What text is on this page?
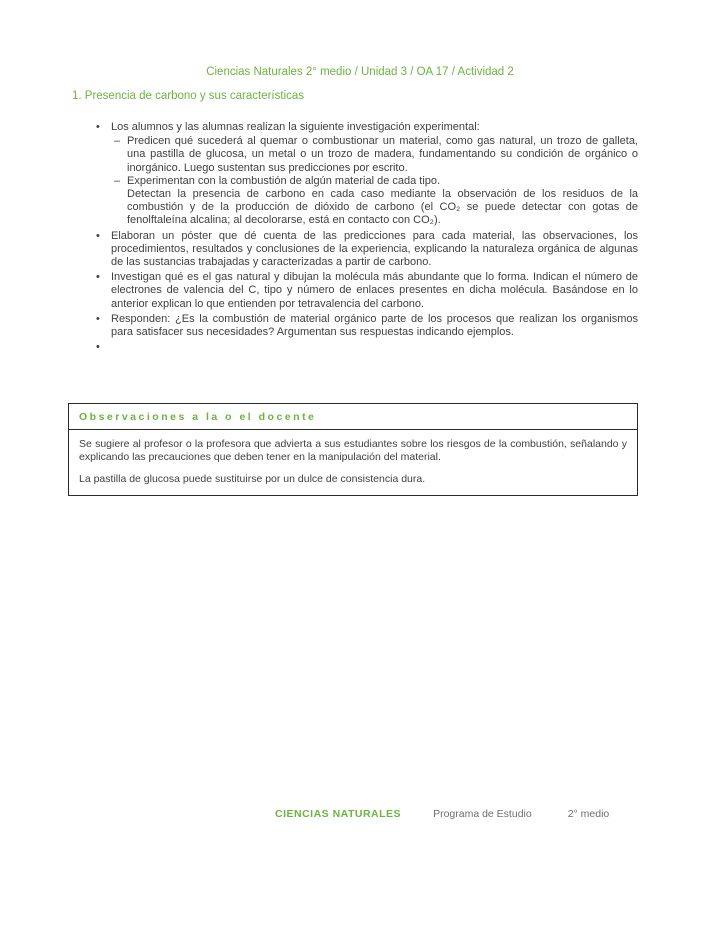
Ciencias Naturales 2° medio / Unidad 3 / OA 17 / Actividad 2
1. Presencia de carbono y sus características
•	Los alumnos y las alumnas realizan la siguiente investigación experimental:
– Predicen qué sucederá al quemar o combustionar un material, como gas natural, un trozo de galleta, una pastilla de glucosa, un metal o un trozo de madera, fundamentando su condición de orgánico o inorgánico. Luego sustentan sus predicciones por escrito.
– Experimentan con la combustión de algún material de cada tipo.
Detectan la presencia de carbono en cada caso mediante la observación de los residuos de la combustión y de la producción de dióxido de carbono (el CO₂ se puede detectar con gotas de fenolftaleína alcalina; al decolorarse, está en contacto con CO₂).
•	Elaboran un póster que dé cuenta de las predicciones para cada material, las observaciones, los procedimientos, resultados y conclusiones de la experiencia, explicando la naturaleza orgánica de algunas de las sustancias trabajadas y caracterizadas a partir de carbono.
•	Investigan qué es el gas natural y dibujan la molécula más abundante que lo forma. Indican el número de electrones de valencia del C, tipo y número de enlaces presentes en dicha molécula. Basándose en lo anterior explican lo que entienden por tetravalencia del carbono.
•	Responden: ¿Es la combustión de material orgánico parte de los procesos que realizan los organismos para satisfacer sus necesidades? Argumentan sus respuestas indicando ejemplos.
•
Observaciones a la o el docente
Se sugiere al profesor o la profesora que advierta a sus estudiantes sobre los riesgos de la combustión, señalando y explicando las precauciones que deben tener en la manipulación del material.
La pastilla de glucosa puede sustituirse por un dulce de consistencia dura.
CIENCIAS NATURALES	Programa de Estudio	2° medio
